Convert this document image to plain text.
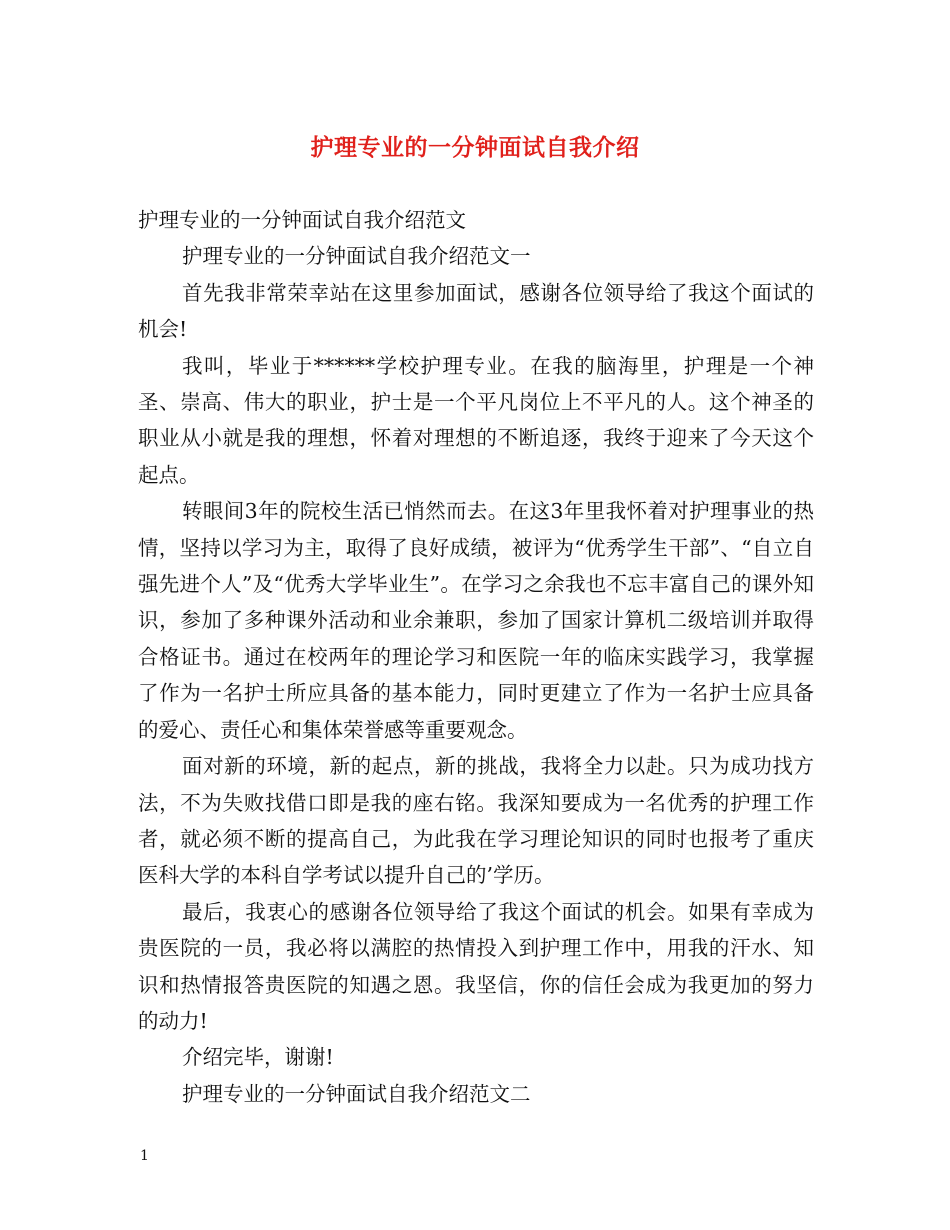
护理专业的一分钟面试自我介绍

护理专业的一分钟面试自我介绍范文

护理专业的一分钟面试自我介绍范文一

首先我非常荣幸站在这里参加面试，感谢各位领导给了我这个面试的机会!

我叫，毕业于******学校护理专业。在我的脑海里，护理是一个神圣、崇高、伟大的职业，护士是一个平凡岗位上不平凡的人。这个神圣的职业从小就是我的理想，怀着对理想的不断追逐，我终于迎来了今天这个起点。

转眼间3年的院校生活已悄然而去。在这3年里我怀着对护理事业的热情，坚持以学习为主，取得了良好成绩，被评为“优秀学生干部”、“自立自强先进个人”及“优秀大学毕业生”。在学习之余我也不忘丰富自己的课外知识，参加了多种课外活动和业余兼职，参加了国家计算机二级培训并取得合格证书。通过在校两年的理论学习和医院一年的临床实践学习，我掌握了作为一名护士所应具备的基本能力，同时更建立了作为一名护士应具备的爱心、责任心和集体荣誉感等重要观念。

面对新的环境，新的起点，新的挑战，我将全力以赴。只为成功找方法，不为失败找借口即是我的座右铭。我深知要成为一名优秀的护理工作者，就必须不断的提高自己，为此我在学习理论知识的同时也报考了重庆医科大学的本科自学考试以提升自己的’学历。

最后，我衷心的感谢各位领导给了我这个面试的机会。如果有幸成为贵医院的一员，我必将以满腔的热情投入到护理工作中，用我的汗水、知识和热情报答贵医院的知遇之恩。我坚信，你的信任会成为我更加的努力的动力!

介绍完毕，谢谢!

护理专业的一分钟面试自我介绍范文二

1
